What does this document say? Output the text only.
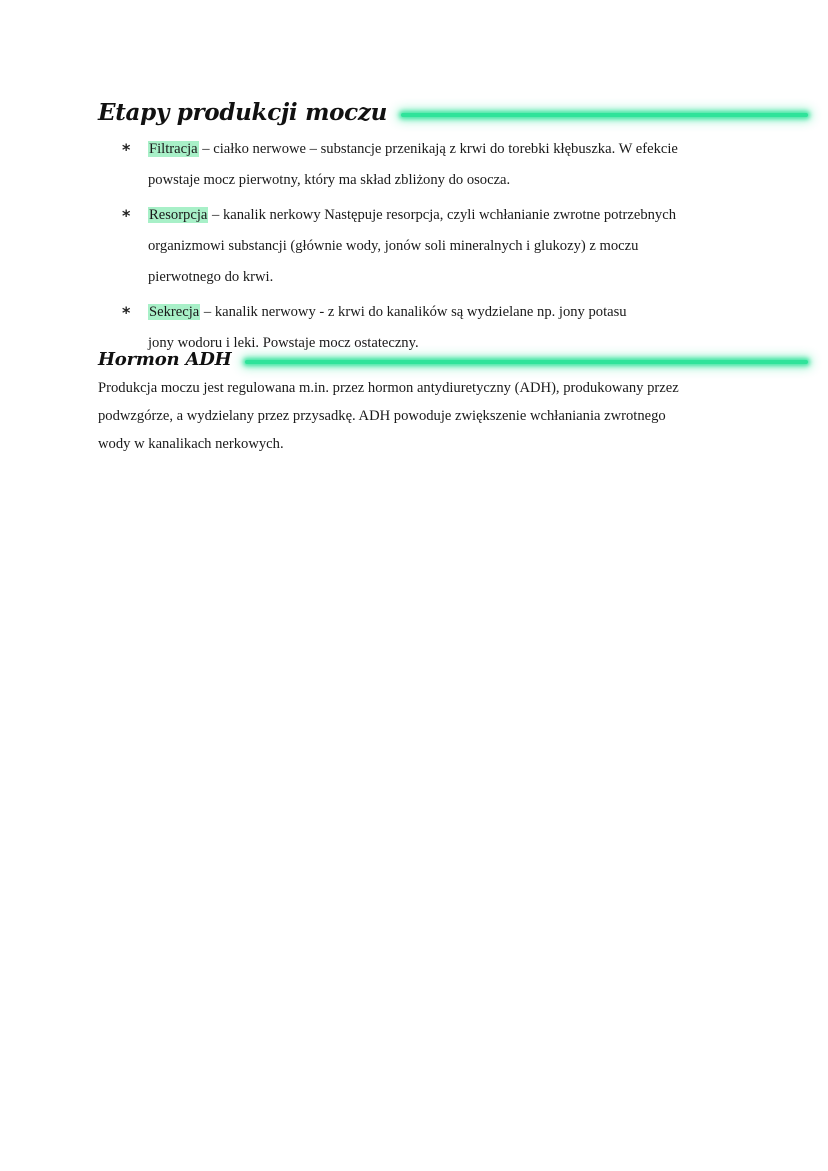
Etapy produkcji moczu
* Filtracja – ciałko nerwowe – substancje przenikają z krwi do torebki kłębuszka. W efekcie
powstaje mocz pierwotny, który ma skład zbliżony do osocza.
* Resorpcja – kanalik nerkowy Następuje resorpcja, czyli wchłanianie zwrotne potrzebnych
organizmowi substancji (głównie wody, jonów soli mineralnych i glukozy) z moczu
pierwotnego do krwi.
* Sekrecja – kanalik nerwowy - z krwi do kanalików są wydzielane np. jony potasu
jony wodoru i leki. Powstaje mocz ostateczny.
Hormon ADH
Produkcja moczu jest regulowana m.in. przez hormon antydiuretyczny (ADH), produkowany przez
podwzgórze, a wydzielany przez przysadkę. ADH powoduje zwiększenie wchłaniania zwrotnego
wody w kanalikach nerkowych.
